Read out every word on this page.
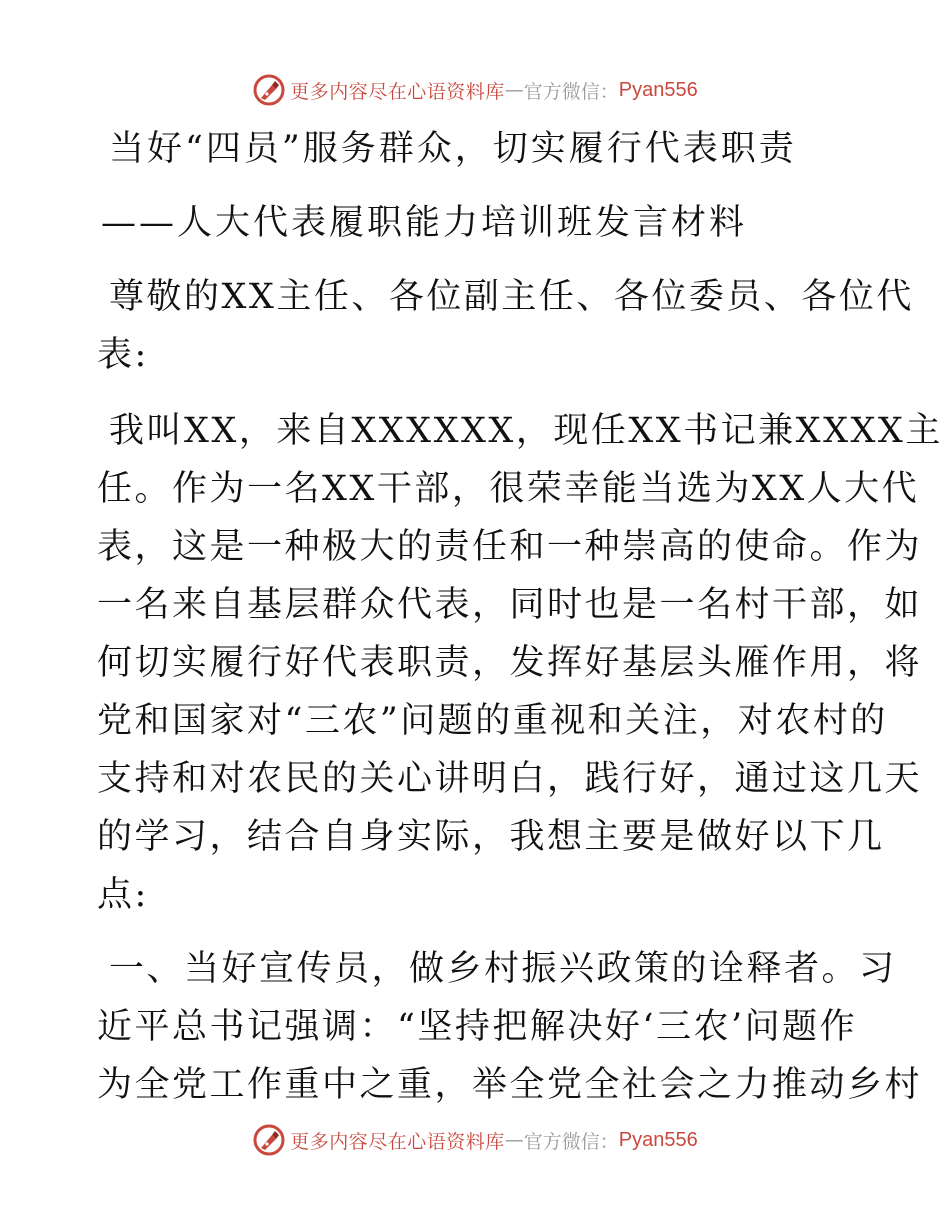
更多内容尽在心语资料库 — 官方微信： Pyan556

当好“四员”服务群众，切实履行代表职责

——人大代表履职能力培训班发言材料

尊敬的XX主任、各位副主任、各位委员、各位代

表:

我叫XX，来自XXXXXX，现任XX书记兼XXXX主

任。作为一名XX干部，很荣幸能当选为XX人大代

表，这是一种极大的责任和一种崇高的使命。作为

一名来自基层群众代表，同时也是一名村干部，如

何切实履行好代表职责，发挥好基层头雁作用，将

党和国家对“三农”问题的重视和关注，对农村的

支持和对农民的关心讲明白，践行好，通过这几天

的学习，结合自身实际，我想主要是做好以下几

点:

一、当好宣传员，做乡村振兴政策的诠释者。习

近平总书记强调：“坚持把解决好‘三农’问题作

为全党工作重中之重，举全党全社会之力推动乡村

更多内容尽在心语资料库 — 官方微信： Pyan556
